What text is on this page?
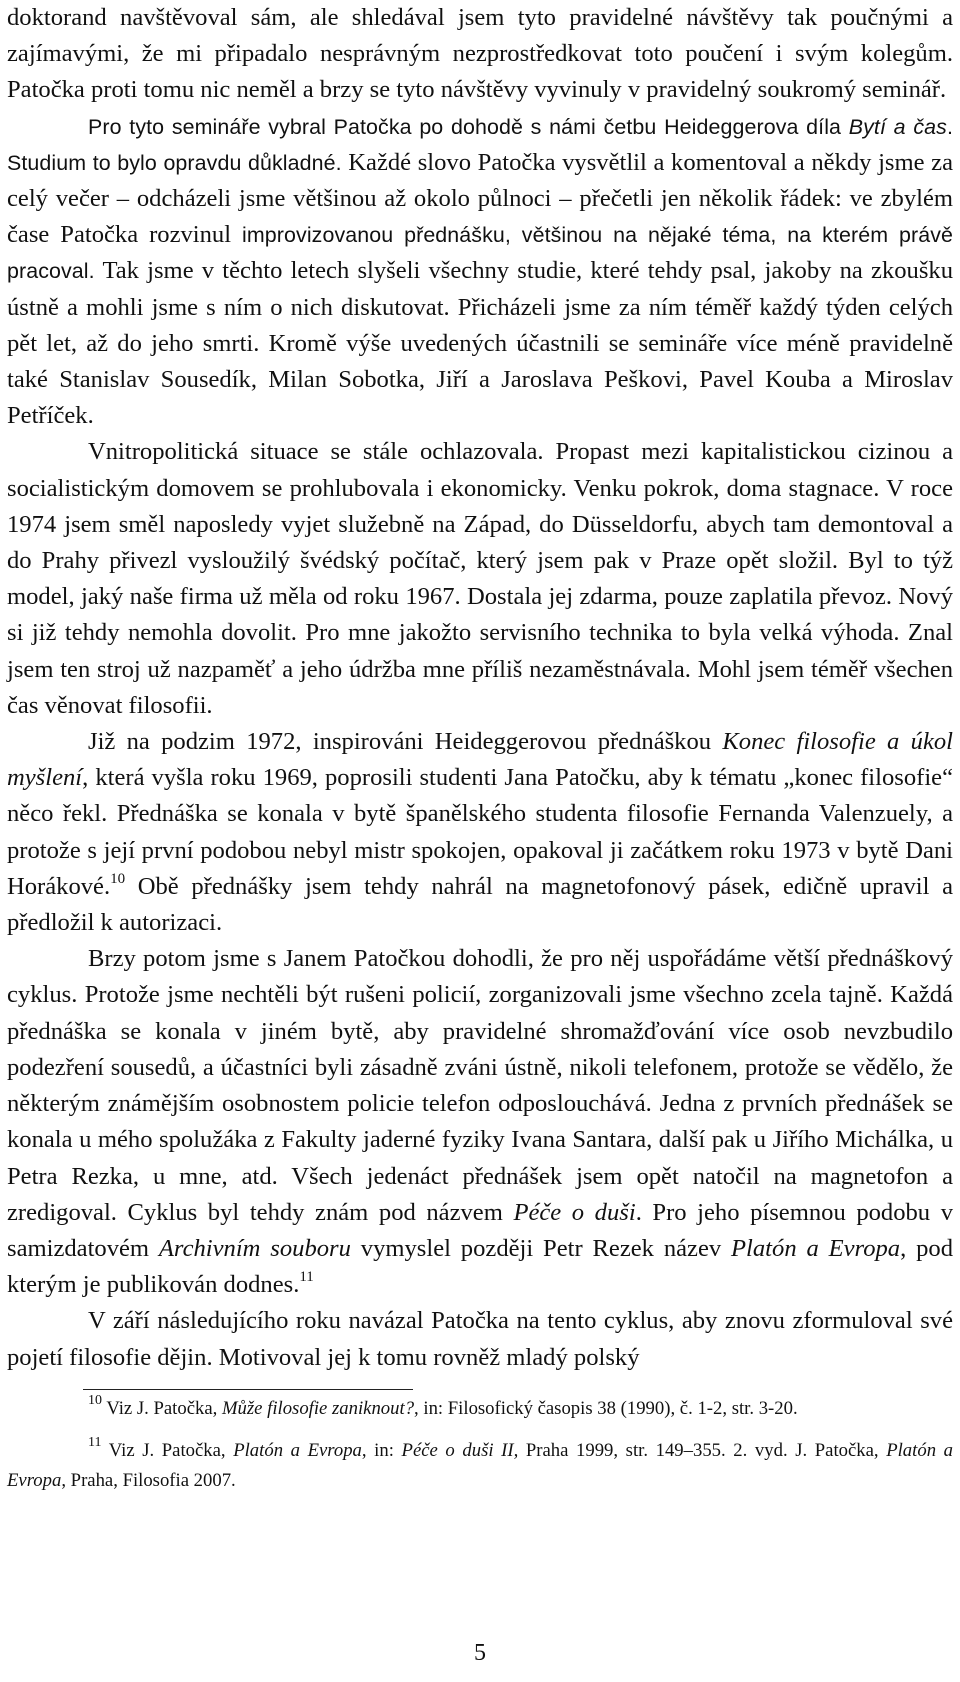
doktorand navštěvoval sám, ale shledával jsem tyto pravidelné návštěvy tak poučnými a zajímavými, že mi připadalo nesprávným nezprostředkovat toto poučení i svým kolegům. Patočka proti tomu nic neměl a brzy se tyto návštěvy vyvinuly v pravidelný soukromý seminář.

Pro tyto semináře vybral Patočka po dohodě s námi četbu Heideggerova díla Bytí a čas. Studium to bylo opravdu důkladné. Každé slovo Patočka vysvětlil a komentoval a někdy jsme za celý večer – odcházeli jsme většinou až okolo půlnoci – přečetli jen několik řádek: ve zbylém čase Patočka rozvinul improvizovanou přednášku, většinou na nějaké téma, na kterém právě pracoval. Tak jsme v těchto letech slyšeli všechny studie, které tehdy psal, jakoby na zkoušku ústně a mohli jsme s ním o nich diskutovat. Přicházeli jsme za ním téměř každý týden celých pět let, až do jeho smrti. Kromě výše uvedených účastnili se semináře více méně pravidelně také Stanislav Sousedík, Milan Sobotka, Jiří a Jaroslava Peškovi, Pavel Kouba a Miroslav Petříček.

Vnitropolitická situace se stále ochlazovala. Propast mezi kapitalistickou cizinou a socialistickým domovem se prohlubovala i ekonomicky. Venku pokrok, doma stagnace. V roce 1974 jsem směl naposledy vyjet služebně na Západ, do Düsseldorfu, abych tam demontoval a do Prahy přivezl vysloužilý švédský počítač, který jsem pak v Praze opět složil. Byl to týž model, jaký naše firma už měla od roku 1967. Dostala jej zdarma, pouze zaplatila převoz. Nový si již tehdy nemohla dovolit. Pro mne jakožto servisního technika to byla velká výhoda. Znal jsem ten stroj už nazpaměť a jeho údržba mne příliš nezaměstnávala. Mohl jsem téměř všechen čas věnovat filosofii.

Již na podzim 1972, inspirováni Heideggerovou přednáškou Konec filosofie a úkol myšlení, která vyšla roku 1969, poprosili studenti Jana Patočku, aby k tématu „konec filosofie“ něco řekl. Přednáška se konala v bytě španělského studenta filosofie Fernanda Valenzuely, a protože s její první podobou nebyl mistr spokojen, opakoval ji začátkem roku 1973 v bytě Dani Horákové.$^{10}$ Obě přednášky jsem tehdy nahrál na magnetofonový pásek, edičně upravil a předložil k autorizaci.

Brzy potom jsme s Janem Patočkou dohodli, že pro něj uspořádáme větší přednáškový cyklus. Protože jsme nechtěli být rušeni policií, zorganizovali jsme všechno zcela tajně. Každá přednáška se konala v jiném bytě, aby pravidelné shromažďování více osob nevzbudilo podezření sousedů, a účastníci byli zásadně zváni ústně, nikoli telefonem, protože se vědělo, že některým známějším osobnostem policie telefon odposlouchává. Jedna z prvních přednášek se konala u mého spolužáka z Fakulty jaderné fyziky Ivana Santara, další pak u Jiřího Michálka, u Petra Rezka, u mne, atd. Všech jedenáct přednášek jsem opět natočil na magnetofon a zredigoval. Cyklus byl tehdy znám pod názvem Péče o duši. Pro jeho písemnou podobu v samizdatovém Archivním souboru vymyslel později Petr Rezek název Platón a Evropa, pod kterým je publikován dodnes.$^{11}$

V září následujícího roku navázal Patočka na tento cyklus, aby znovu zformuloval své pojetí filosofie dějin. Motivoval jej k tomu rovněž mladý polský

$^{10}$ Viz J. Patočka, Může filosofie zaniknout?, in: Filosofický časopis 38 (1990), č. 1-2, str. 3-20.

$^{11}$ Viz J. Patočka, Platón a Evropa, in: Péče o duši II, Praha 1999, str. 149–355. 2. vyd. J. Patočka, Platón a Evropa, Praha, Filosofia 2007.

5
